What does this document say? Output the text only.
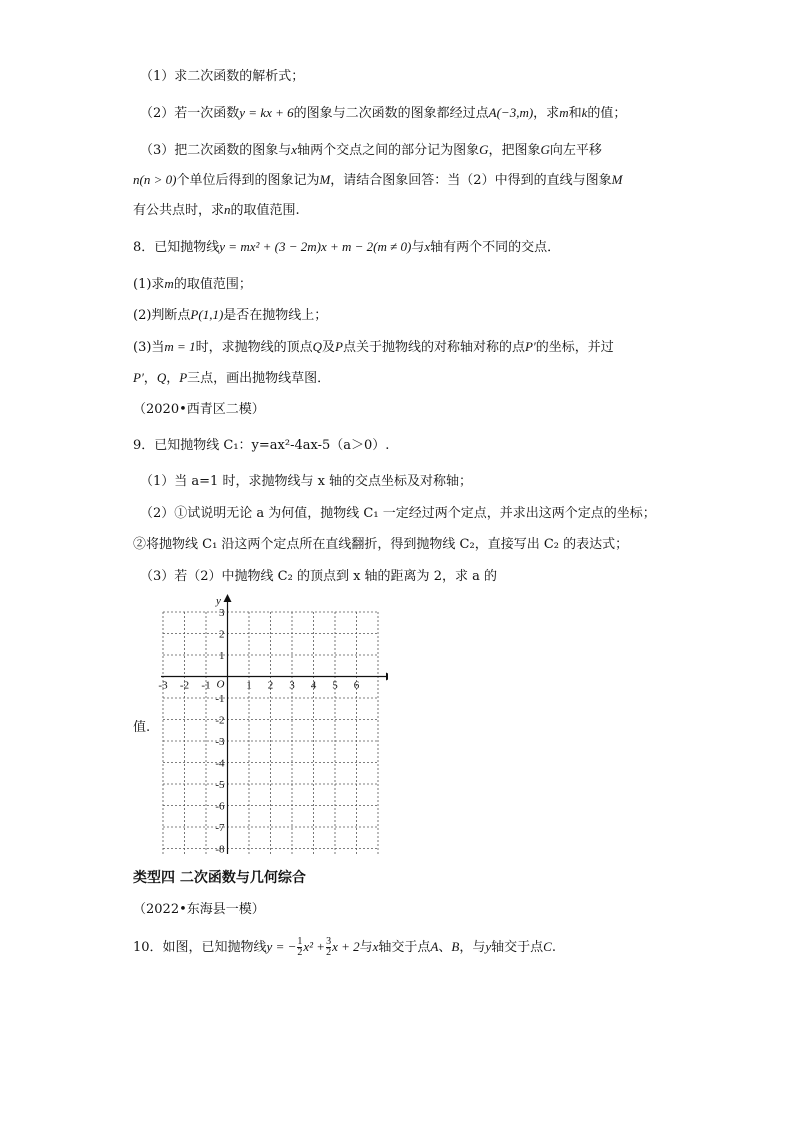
（1）求二次函数的解析式；
（2）若一次函数y = kx + 6的图象与二次函数的图象都经过点A(−3,m)，求m和k的值；
（3）把二次函数的图象与x轴两个交点之间的部分记为图象G，把图象G向左平移
n(n > 0)个单位后得到的图象记为M，请结合图象回答：当（2）中得到的直线与图象M
有公共点时，求n的取值范围.
8．已知抛物线y = mx² + (3 − 2m)x + m − 2(m ≠ 0)与x轴有两个不同的交点．
(1)求m的取值范围；
(2)判断点P(1,1)是否在抛物线上；
(3)当m = 1时，求抛物线的顶点Q及P点关于抛物线的对称轴对称的点P′的坐标，并过
P′，Q，P三点，画出抛物线草图．
（2020•西青区二模）
9．已知抛物线 C₁：y=ax²-4ax-5（a＞0）.
（1）当 a=1 时，求抛物线与 x 轴的交点坐标及对称轴；
（2）①试说明无论 a 为何值，抛物线 C₁ 一定经过两个定点，并求出这两个定点的坐标；
②将抛物线 C₁ 沿这两个定点所在直线翻折，得到抛物线 C₂，直接写出 C₂ 的表达式；
（3）若（2）中抛物线 C₂ 的顶点到 x 轴的距离为 2，求 a 的
y
O
-3 -2 -1	1 2 3 4 5 6
3
2
1
-1
-2
-3
-4
-5
-6
-7
-8
值.
类型四 二次函数与几何综合
（2022•东海县一模）
10．如图，已知抛物线y = − $\frac{1}{2} x^2 + \frac{3}{2}$ x + 2与x轴交于点A、B，与y轴交于点C.
